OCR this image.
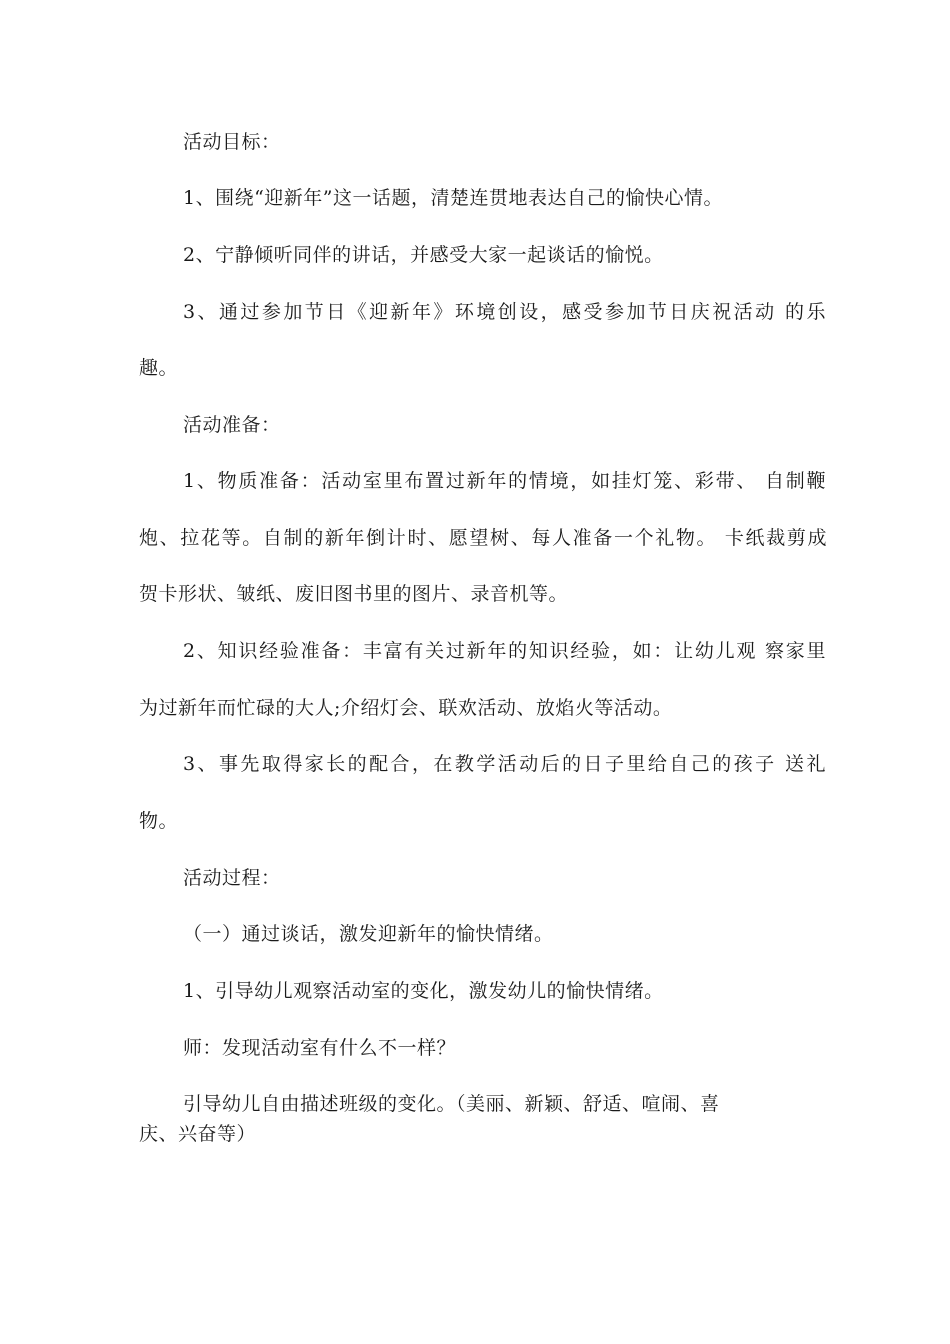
活动目标：

1、围绕“迎新年”这一话题，清楚连贯地表达自己的愉快心情。

2、宁静倾听同伴的讲话，并感受大家一起谈话的愉悦。

3、通过参加节日《迎新年》环境创设，感受参加节日庆祝活动 的乐

趣。

活动准备：

1、物质准备：活动室里布置过新年的情境，如挂灯笼、彩带、 自制鞭

炮、拉花等。自制的新年倒计时、愿望树、每人准备一个礼物。 卡纸裁剪成

贺卡形状、皱纸、废旧图书里的图片、录音机等。

2、知识经验准备：丰富有关过新年的知识经验，如：让幼儿观 察家里

为过新年而忙碌的大人;介绍灯会、联欢活动、放焰火等活动。

3、事先取得家长的配合，在教学活动后的日子里给自己的孩子 送礼

物。

活动过程：

（一）通过谈话，激发迎新年的愉快情绪。

1、引导幼儿观察活动室的变化，激发幼儿的愉快情绪。

师：发现活动室有什么不一样？

引导幼儿自由描述班级的变化。（美丽、新颖、舒适、喧闹、喜

庆、兴奋等）
